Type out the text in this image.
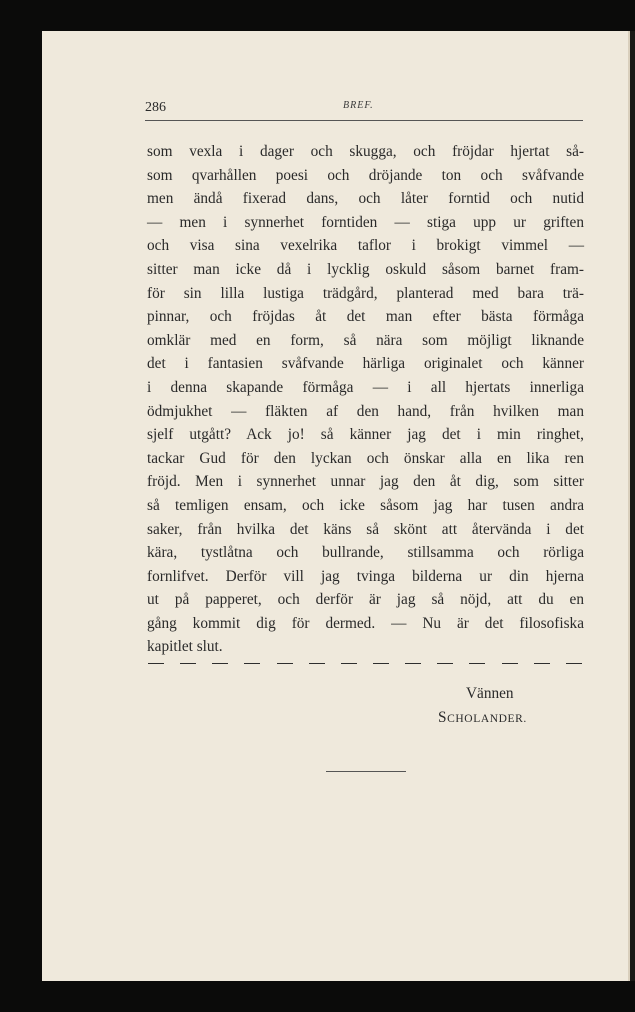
286	BREF.
som vexla i dager och skugga, och fröjdar hjertat så-
som qvarhållen poesi och dröjande ton och svåfvande
men ändå fixerad dans, och låter forntid och nutid
— men i synnerhet forntiden — stiga upp ur griften
och visa sina vexelrika taflor i brokigt vimmel —
sitter man icke då i lycklig oskuld såsom barnet fram-
för sin lilla lustiga trädgård, planterad med bara trä-
pinnar, och fröjdas åt det man efter bästa förmåga
omklär med en form, så nära som möjligt liknande
det i fantasien svåfvande härliga originalet och känner
i denna skapande förmåga — i all hjertats innerliga
ödmjukhet — fläkten af den hand, från hvilken man
sjelf utgått? Ack jo! så känner jag det i min ringhet,
tackar Gud för den lyckan och önskar alla en lika ren
fröjd. Men i synnerhet unnar jag den åt dig, som sitter
så temligen ensam, och icke såsom jag har tusen andra
saker, från hvilka det käns så skönt att återvända i det
kära, tystlåtna och bullrande, stillsamma och rörliga
fornlifvet. Derför vill jag tvinga bilderna ur din hjerna
ut på papperet, och derför är jag så nöjd, att du en
gång kommit dig för dermed. — Nu är det filosofiska
kapitlet slut.
Vännen
SCHOLANDER.
